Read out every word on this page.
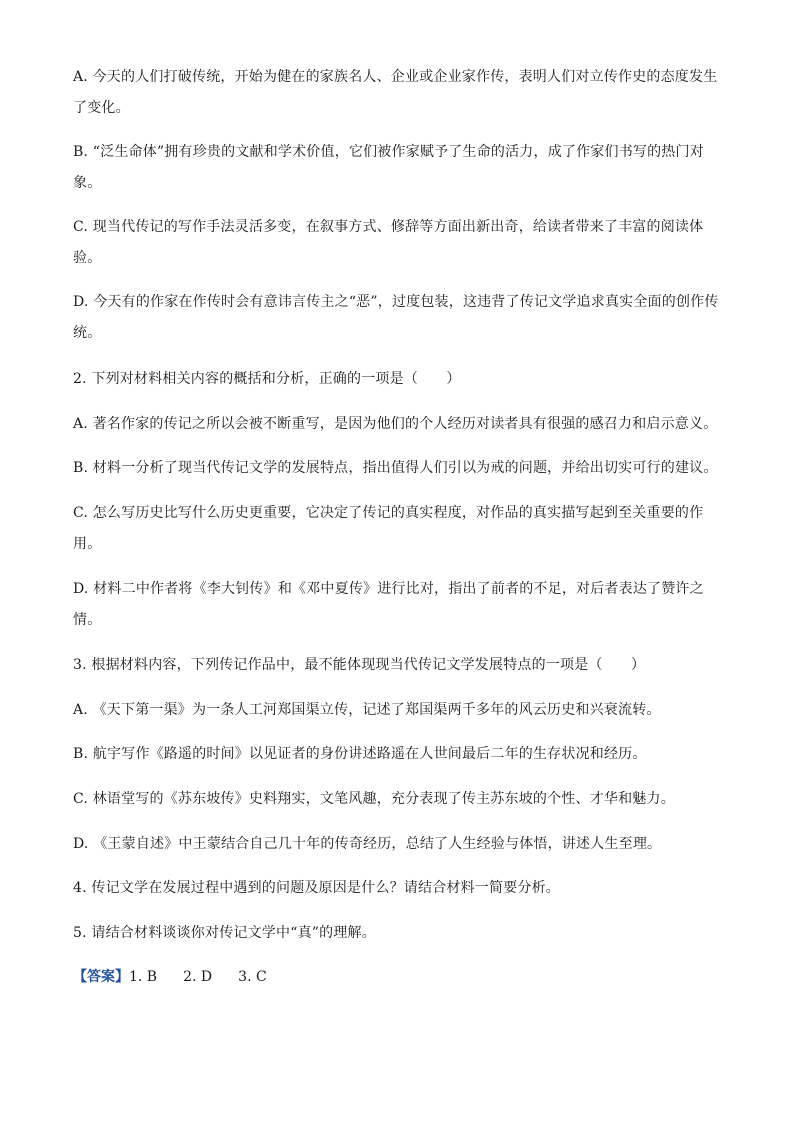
A. 今天的人们打破传统，开始为健在的家族名人、企业或企业家作传，表明人们对立传作史的态度发生
了变化。
B. “泛生命体”拥有珍贵的文献和学术价值，它们被作家赋予了生命的活力，成了作家们书写的热门对
象。
C. 现当代传记的写作手法灵活多变，在叙事方式、修辞等方面出新出奇，给读者带来了丰富的阅读体
验。
D. 今天有的作家在作传时会有意讳言传主之“恶”，过度包装，这违背了传记文学追求真实全面的创作传
统。
2. 下列对材料相关内容的概括和分析，正确的一项是（　　）
A. 著名作家的传记之所以会被不断重写，是因为他们的个人经历对读者具有很强的感召力和启示意义。
B. 材料一分析了现当代传记文学的发展特点，指出值得人们引以为戒的问题，并给出切实可行的建议。
C. 怎么写历史比写什么历史更重要，它决定了传记的真实程度，对作品的真实描写起到至关重要的作
用。
D. 材料二中作者将《李大钊传》和《邓中夏传》进行比对，指出了前者的不足，对后者表达了赞许之
情。
3. 根据材料内容，下列传记作品中，最不能体现现当代传记文学发展特点的一项是（　　）
A. 《天下第一渠》为一条人工河郑国渠立传，记述了郑国渠两千多年的风云历史和兴衰流转。
B. 航宇写作《路遥的时间》以见证者的身份讲述路遥在人世间最后二年的生存状况和经历。
C. 林语堂写的《苏东坡传》史料翔实，文笔风趣，充分表现了传主苏东坡的个性、才华和魅力。
D. 《王蒙自述》中王蒙结合自己几十年的传奇经历，总结了人生经验与体悟，讲述人生至理。
4. 传记文学在发展过程中遇到的问题及原因是什么？请结合材料一简要分析。
5. 请结合材料谈谈你对传记文学中“真”的理解。
【答案】1. B 2. D 3. C
